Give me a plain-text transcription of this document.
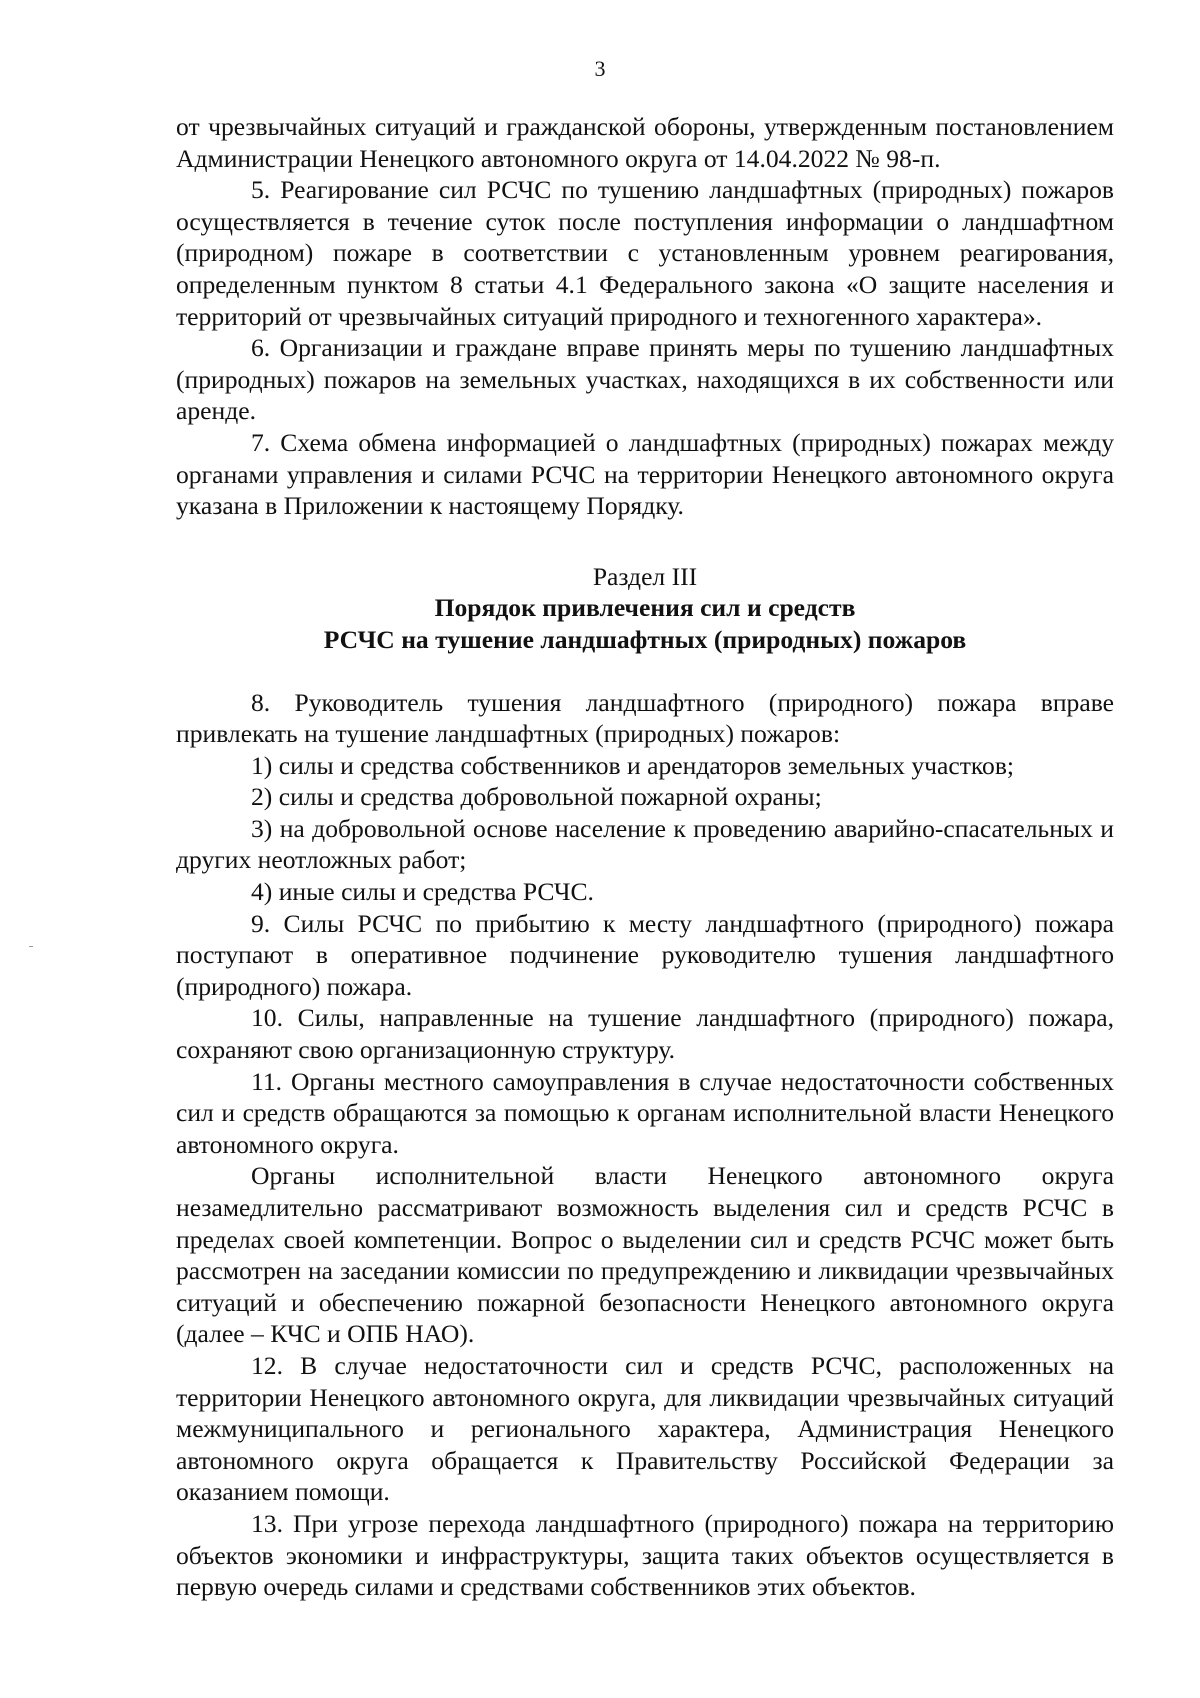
3

от чрезвычайных ситуаций и гражданской обороны, утвержденным постановлением Администрации Ненецкого автономного округа от 14.04.2022 № 98-п.

5. Реагирование сил РСЧС по тушению ландшафтных (природных) пожаров осуществляется в течение суток после поступления информации о ландшафтном (природном) пожаре в соответствии с установленным уровнем реагирования, определенным пунктом 8 статьи 4.1 Федерального закона «О защите населения и территорий от чрезвычайных ситуаций природного и техногенного характера».

6. Организации и граждане вправе принять меры по тушению ландшафтных (природных) пожаров на земельных участках, находящихся в их собственности или аренде.

7. Схема обмена информацией о ландшафтных (природных) пожарах между органами управления и силами РСЧС на территории Ненецкого автономного округа указана в Приложении к настоящему Порядку.

Раздел III

Порядок привлечения сил и средств

РСЧС на тушение ландшафтных (природных) пожаров

8. Руководитель тушения ландшафтного (природного) пожара вправе привлекать на тушение ландшафтных (природных) пожаров:

1) силы и средства собственников и арендаторов земельных участков;

2) силы и средства добровольной пожарной охраны;

3) на добровольной основе население к проведению аварийно-спасательных и других неотложных работ;

4) иные силы и средства РСЧС.

9. Силы РСЧС по прибытию к месту ландшафтного (природного) пожара поступают в оперативное подчинение руководителю тушения ландшафтного (природного) пожара.

10. Силы, направленные на тушение ландшафтного (природного) пожара, сохраняют свою организационную структуру.

11. Органы местного самоуправления в случае недостаточности собственных сил и средств обращаются за помощью к органам исполнительной власти Ненецкого автономного округа.

Органы исполнительной власти Ненецкого автономного округа незамедлительно рассматривают возможность выделения сил и средств РСЧС в пределах своей компетенции. Вопрос о выделении сил и средств РСЧС может быть рассмотрен на заседании комиссии по предупреждению и ликвидации чрезвычайных ситуаций и обеспечению пожарной безопасности Ненецкого автономного округа (далее – КЧС и ОПБ НАО).

12. В случае недостаточности сил и средств РСЧС, расположенных на территории Ненецкого автономного округа, для ликвидации чрезвычайных ситуаций межмуниципального и регионального характера, Администрация Ненецкого автономного округа обращается к Правительству Российской Федерации за оказанием помощи.

13. При угрозе перехода ландшафтного (природного) пожара на территорию объектов экономики и инфраструктуры, защита таких объектов осуществляется в первую очередь силами и средствами собственников этих объектов.
